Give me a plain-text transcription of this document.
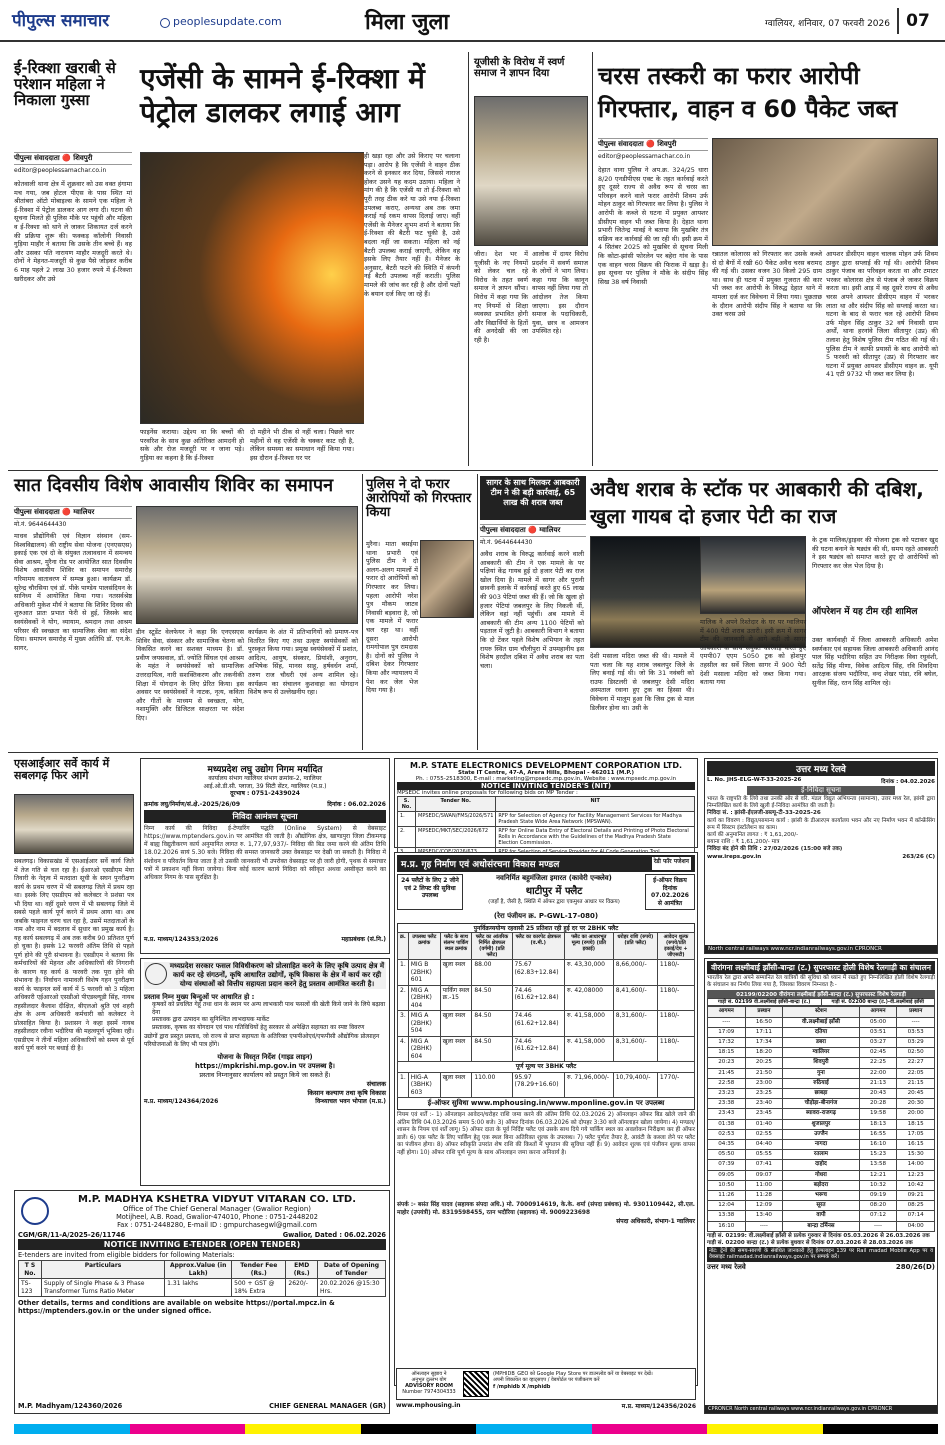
पीपुल्स समाचार	peoplesupdate.com	मिला जुला	ग्वालियर, शनिवार, 07 फरवरी 2026 07
ई-रिक्शा खराबी से परेशान महिला ने निकाला गुस्सा
एजेंसी के सामने ई-रिक्शा में पेट्रोल डालकर लगाई आग
पीपुल्स संवाददाता 🔴 शिवपुरी
editor@peoplessamachar.co.in
कोतवाली थाना क्षेत्र में शुक्रवार को उस वक्त हंगामा मच गया, जब होटल पीएस के पास स्थित मां श्रीतांबरा ऑटो मोबाइल्स के सामने एक महिला ने ई-रिक्शा में पेट्रोल डालकर आग लगा दी। घटना की सूचना मिलते ही पुलिस मौके पर पहुंची और महिला व ई-रिक्शा को थाने ले जाकर शिकायत दर्ज करने की प्रक्रिया शुरू की। फक्कड़ कॉलोनी निवासी गुड़िया माहौर ने बताया कि उसके तीन बच्चे हैं। वह और उसका पति नारायण माहौर मजदूरी करते थे। दोनों ने मेहनत-मजदूरी से कुछ पैसे जोड़कर करीब 6 माह पहले 2 लाख 30 हजार रुपये में ई-रिक्शा खरीदकर और उसे
फाइनेंस कराया। उद्देश्य था कि बच्चों की परवरिश के साथ कुछ अतिरिक्त आमदनी हो सके और रोज मजदूरी पर न जाना पड़े। गुड़िया का कहना है कि ई-रिक्शा
दो महीने भी ठीक से नहीं चला। पिछले चार महीनों से वह एजेंसी के चक्कर काट रही है, लेकिन समस्या का समाधान नहीं किया गया। इस दौरान ई-रिक्शा घर पर
ही खड़ा रहा और उसे किराए पर चलाना पड़ा। आरोप है कि एजेंसी ने वाहन ठीक करने से इनकार कर दिया, जिससे नाराज होकर उसने यह कदम उठाया। महिला ने मांग की है कि एजेंसी या तो ई-रिक्शा को पूरी तरह ठीक करे या उसे नया ई-रिक्शा उपलब्ध कराए, अन्यथा अब तक जमा कराई गई रकम वापस दिलाई जाए। वहीं एजेंसी के मैनेजर शुभम शर्मा ने बताया कि ई-रिक्शा की बैटरी फट चुकी है, उसे बदला नहीं जा सकता। महिला को नई बैटरी उपलब्ध कराई जाएगी, लेकिन वह इसके लिए तैयार नहीं है। मैनेजर के अनुसार, बैटरी फटने की स्थिति में कंपनी नई बैटरी उपलब्ध नहीं कराती। पुलिस मामले की जांच कर रही है और दोनों पक्षों के बयान दर्ज किए जा रहे हैं।
यूजीसी के विरोध में स्वर्ण समाज ने ज्ञापन दिया
जीरा। देश भर में यूजीसी के नए नियमों को लेकर चल रहे विरोध के तहत स्वर्ण समाज ने ज्ञापन सौंपा। विरोध में कहा गया कि नए नियमों से शिक्षा व्यवस्था प्रभावित होगी और विद्यार्थियों के हितों की अनदेखी की जा रही है।
आलोक में दायर विरोध प्रदर्शन में सवर्ण समाज के लोगों ने भाग लिया। कहा गया कि कानून वापस नहीं लिया गया तो आंदोलन तेज किया जाएगा। इस दौरान समाज के पदाधिकारी, युवा, छात्र व आमजन उपस्थित रहे।
चरस तस्करी का फरार आरोपी गिरफ्तार, वाहन व 60 पैकेट जब्त
पीपुल्स संवाददाता 🔴 शिवपुरी
editor@peoplessamachar.co.in
देहात थाना पुलिस ने अप.क्र. 324/25 धारा 8/20 एनडीपीएस एक्ट के तहत कार्रवाई करते हुए दूसरे राज्य से अवैध रूप से चरस का परिवहन करने वाले फरार आरोपी शिवम उर्फ मोहन ठाकुर को गिरफ्तार कर लिया है। पुलिस ने आरोपी के कब्जे से घटना में प्रयुक्त आयशर डीसीएम वाहन भी जब्त किया है। देहात थाना प्रभारी जितेन्द्र मावई ने बताया कि मुखबिर तंत्र सक्रिय कर कार्रवाई की जा रही थी। इसी क्रम में 4 सितंबर 2025 को मुखबिर से सूचना मिली कि कोटा-झांसी फोरलेन पर बहेरा गांव के पास एक वाहन चरस विक्रय की फिराक में खड़ा है। इस सूचना पर पुलिस ने मौके के संदीप सिंह सिख 38 वर्ष निवासी
रन्नातल कोलारस को गिरफ्तार कर उसके कब्जे से दो बैगों में रखी 60 पैकेट अवैध चरस बरामद की गई थी। उसका वजन 30 किलो 295 ग्राम था। साथ ही घटना में प्रयुक्त गुजरात की कार भी जब्त कर आरोपी के विरुद्ध देहात थाने में मामला दर्ज कर विवेचना में लिया गया। पूछताछ के दौरान आरोपी संदीप सिंह ने बताया था कि उक्त चरस उसे
आयशर डीसीएम वाहन चालक मोहन उर्फ शिवम ठाकुर द्वारा सप्लाई की गई थी। आरोपी शिवम ठाकुर पंजाब का परिवहन करता था और टमाटर भरकर कोलारस क्षेत्र से पंजाब ले जाकर विक्रय करता था। इसी आड़ में वह दूसरे राज्य से अवैध चरस अपने आयशर डीसीएम वाहन में भरकर लाता था और संदीप सिंह को सप्लाई करता था। घटना के बाद से फरार चल रहे आरोपी शिवम उर्फ मोहन सिंह ठाकुर 32 वर्ष निवासी ग्राम अर्थों, थाना हरनांवे जिला सीतापुर (उप्र) की तलाश हेतु विशेष पुलिस टीम गठित की गई थी। पुलिस टीम ने काफी प्रयासों के बाद आरोपी को 5 फरवरी को सीतापुर (उप्र) से गिरफ्तार कर घटना में प्रयुक्त आयशर डीसीएम वाहन क्र. यूपी 41 एटी 9732 भी जब्त कर लिया है।
सात दिवसीय विशेष आवासीय शिविर का समापन
पीपुल्स संवाददाता 🔴 ग्वालियर
मो.नं. 9644644430
माधव प्रौद्योगिकी एवं विज्ञान संस्थान (सम-विश्वविद्यालय) की राष्ट्रीय सेवा योजना (एनएसएस) इकाई एक एवं दो के संयुक्त तत्वावधान में समन्वय सेवा आश्रम, मुरैना रोड पर आयोजित सात दिवसीय विशेष आवासीय शिविर का समापन समारोह गरिमामय वातावरण में सम्पन्न हुआ। कार्यक्रम डॉ. सुरेन्द्र चौरसिया एवं डॉ. पीके पाण्डेय पालसंदियन के सानिध्य में आयोजित किया गया। नतसर्वश्रेष्ठ अधिकारी मुकेश मौर्य ने बताया कि शिविर दिवस की शुरुआत प्रातः प्रभात फेरी से हुई, जिसके बाद स्वयंसेवकों ने योग, व्यायाम, श्रमदान तथा आश्रम परिसर की स्वच्छता का सामाजिक सेवा का संदेश दिया। समापन समारोह में मुख्य अतिथि डॉ. एन.के. सागर,
डीन स्टूडेंट वेलफेयर ने कहा कि एनएसएस शिविर सेवा, संस्कार और सामाजिक चेतना को विकसित करने का सशक्त माध्यम है। डॉ. प्रवीण जयसवाल, डॉ. ज्योति सिंघल एवं आश्रम के महंत ने स्वयंसेवकों को सामाजिक उत्तरदायित्व, नारी सशक्तिकरण और तकनीकी शिक्षा में योगदान के लिए प्रेरित किया। इस अवसर पर स्वयंसेवकों ने नाटक, नृत्य, कविता और गीतों के माध्यम से स्वच्छता, योग, नशामुक्ति और डिजिटल साक्षरता पर संदेश दिए।
कार्यक्रम के अंत में प्रतिभागियों को प्रमाण-पत्र वितरित किए गए तथा उत्कृष्ट स्वयंसेवकों को पुरस्कृत किया गया। प्रमुख स्वयंसेवकों में प्रशांत, आदित्य, आयुष, संस्कार, प्रियांशी, अनुराग, अभिषेक सिंह, मानस साहू, हर्षवर्धन शर्मा, तरुण राज चौधरी एवं अन्य शामिल रहे। कार्यक्रम का संचालन कुशवाहा का योगदान विशेष रूप से उल्लेखनीय रहा।
पुलिस ने दो फरार आरोपियों को गिरफ्तार किया
मुरैना। माता बसईया थाना प्रभारी एवं पुलिस टीम ने दो अलग-अलग मामलों में फरार दो आरोपियों को गिरफ्तार कर लिया। पहला आरोपी नरेश पुत्र मौकम जाटव निवासी बड़वारा है, जो एक मामले में फरार चल रहा था। वहीं दूसरा आरोपी रामगोपाल पुत्र रामदास है। दोनों को पुलिस ने दबिश देकर गिरफ्तार किया और न्यायालय में पेश कर जेल भेज दिया गया है।
सागर के साथ मिलकर आबकारी टीम ने की बड़ी कार्रवाई, 65 लाख की शराब जब्त
अवैध शराब के स्टॉक पर आबकारी की दबिश, खुला गायब दो हजार पेटी का राज
पीपुल्स संवाददाता 🔴 ग्वालियर
मो.नं. 9644644430
अवैध शराब के विरुद्ध कार्रवाई करने वाली आबकारी की टीम ने एक मामले के पर पक्षियां केंद्र गायब हुई दो हजार पेटी का राज खोल दिया है। मामले में सागर और पुरानी छावनी इलाके में कार्रवाई करते हुए 65 लाख की 903 पेटियां जब्त की हैं। जो कि खुला हो हजार पेटियां जबलपुर के लिए निकली थीं, लेकिन वहां नहीं पहुंचीं। अब मामले में आबकारी की टीम अन्य 1100 पेटियों को पड़ताल में जुटी है। आबकारी विभाग ने बताया कि दो टेंकर पहले विशेष अभियान के तहत रायरु स्थित ग्राम चौलीपुरा में उपमहानीय इस विशेष हरदौल दबिश में अवैध शराब का पता चला।
देशी मसाला मदिरा जब्त की थी। मामले में पता चला कि यह शराब जबलपुर जिले के लिए बनाई गई थी। जो कि 31 नवंबरी को राउफ डिस्टलरी से जबलपुर देसी मदिरा अस्पताल रवाना हुए ट्रक का हिस्सा थी। विवेचना में मालूम हुआ कि जिस ट्रक से माल डिलीवर होना था। उसी के
मालिक ने अपने रिश्तेदार के घर पर ग्वालियर में 400 पेटी शराब उतारी। इसी क्रम में सागर टीम की जानकारी से आगे बढ़ी तो सागर आबकारी के साथ संयुक्त कार्रवाई करते हुए एमपी07 एएम 5050 ट्रक को होशपुर तहसील का सर्वे जिला सागर में 900 पेटी देशी मसाला मदिरा को जब्त किया गया। बताया गया
के ट्रक मालिक/ड्राइवर की योजना ट्रक को पटाकर खुद की घटना बनाने के षड्यंत्र की थी, समय रहते आबकारी ने इस षड्यंत्र को समाप्त करते हुए दो आरोपियों को गिरफ्तार कर जेल भेज दिया है।
ऑपरेशन में यह टीम रही शामिल
उक्त कार्यवाही में जिला आबकारी अधिकारी अमेश स्वर्णकार एवं सहायक जिला आबकारी अधिकारी आनंद पाल सिंह भदौरिया सहित उप निरीक्षक विवा रघुवंशी, सतेंद्र सिंह मीणा, विवेक आदित्य सिंह, रवि शिवदिया आरक्षक संजय भदौरिया, वन्द शेखर पांडा, रवि बघेल, सुनील सिंह, रतन सिंह शामिल रहे।
एसआईआर सर्वे कार्य में सबलगढ़ फिर आगे
सबलगढ़। विकासखंड में एसआईआर सर्वे कार्य जिले में तेज गति से चल रहा है। ईआरओ एसडीएम मेघा तिवारी के नेतृत्व में मतदाता सूची के सघन पुनरीक्षण कार्य के प्रथम चरण में भी सबलगढ़ जिले में प्रथम रहा था। इसके लिए एसडीएम को कलेक्टर ने प्रशंसा पत्र भी दिया था। वहीं दूसरे चरण में भी सबलगढ़ जिले में सबसे पहले कार्य पूर्ण करने में प्रथम आया था। अब जबकि फाइनल चरण चल रहा है, उसमें मतदाताओं के नाम और नाम में बदलाव में सुधार का प्रमुख कार्य है। यह कार्य सबलगढ़ में अब तक करीब 90 प्रतिशत पूर्ण हो चुका है। इसके 12 फरवरी अंतिम तिथि से पहले पूर्ण होने की पूरी संभावना है। एसडीएम ने बताया कि कर्मचारियों की मेहनत और अधिकारियों की निगरानी के कारण यह कार्य 8 फरवरी तक पूरा होने की संभावना है। निर्वाचन नामावली विशेष गहन पुनरीक्षण कार्य के फाइनल सर्वे कार्य में 5 फरवरी को 3 महिला अधिकारी एईआरओ एसडीओ पीएडब्ल्यूडी सिंह, नायब तहसीलदार कैलाश दीक्षित, बीएलओ श्रुति एवं शहरी क्षेत्र के अन्य अधिकारी कर्मचारी को कलेक्टर ने प्रोत्साहित किया है। प्रशासन ने कहा इसमें नायब तहसीलदार रवीना भदौरिया की महत्वपूर्ण भूमिका रही। एसडीएम ने तीनों महिला अधिकारियों को समय से पूर्व कार्य पूर्ण करने पर बधाई दी है।
मध्यप्रदेश लघु उद्योग निगम मर्यादित
कार्यालय संभाग ग्वालियर संभाग क्रमांक-2, ग्वालियर
आई.ओ.डी.सी. प्लाजा, 39 सिटी सेंटर, ग्वालियर (म.प्र.)
दूरभाष : 0751-2439024
क्रमांक लघु/निर्माण/सं.क्षे.-2025/26/09	दिनांक : 06.02.2026
निविदा आमंत्रण सूचना
निम्न कार्य की निविदा ई-टेण्डरिंग पद्धति (Online System) से वेबसाइट https://www.mptenders.gov.in पर आमंत्रित की जाती है। औद्योगिक क्षेत्र, खाण्डपुरा जिला टीकमगढ़ में बाह्य विद्युतीकरण कार्य अनुमानित लागत रु. 1,77,97,937/- निविदा की बिड जमा करने की अंतिम तिथि 18.02.2026 सायं 5.30 बजे। निविदा की समस्त जानकारी उक्त वेबसाइट पर देखी जा सकती है। निविदा में संशोधन व परिवर्तन किया जाता है तो उसकी जानकारी भी उपरोक्त वेबसाइट पर ही जारी होगी, पृथक से समाचार पत्रों में प्रकाशन नहीं किया जायेगा। बिना कोई कारण बताये निविदा को स्वीकृत अथवा अस्वीकृत करने का अधिकार निगम के पास सुरक्षित है।
म.प्र. माध्यम/124353/2026	महाप्रबंधक (सं.नि.)
M.P. STATE ELECTRONICS DEVELOPMENT CORPORATION LTD.
State IT Centre, 47-A, Arera Hills, Bhopal - 462011 (M.P.)
Ph. : 0755-2518300, E-mail : marketing@mpsedc.mp.gov.in, Website : www.mpsedc.mp.gov.in
NOTICE INVITING TENDER'S (NIT)
MPSEDC invites online proposals for following bids on MP Tender :
S. No.	Tender No.	NIT
1.	MPSEDC/SWAN/FMS/2026/571	RFP for Selection of Agency for Facility Management Services for Madhya Pradesh State Wide Area Network (MPSWAN).
2.	MPSEDC/MKT/SEC/2026/672	RFP for Online Data Entry of Electoral Details and Printing of Photo Electoral Rolls in Accordance with the Guidelines of the Madhya Pradesh State Election Commission.

उत्तर मध्य रेलवे
L. No. JHS-ELG-W-T-33-2025-26	दिनांक : 04.02.2026
ई-निविदा सूचना
भारत के राष्ट्रपति के लिये तथा उनकी ओर से वरि. मंडल विद्युत अभियन्ता (सामान्य), उत्तर मध्य रेल, झांसी द्वारा निम्नलिखित कार्य के लिये खुली ई-निविदा आमंत्रित की जाती है।
निविदा सं. : झांसी-ईएलजी-डब्ल्यू-टी-33-2025-26
कार्य का विवरण : विद्युत/सामान्य कार्य : झांसी के डीआरएम कार्यालय भवन और नए निर्माण भवन में कॉन्फ्रेंसिंग रूम में सिस्टम इंस्टॉलेशन का काम।
कार्य की अनुमानित लागत : ₹ 1,61,200/-
बयाना राशि : ₹ 1,61,200/- मात्र
निविदा बंद होने की तिथि : 27/02/2026 (15:00 बजे तक)
www.ireps.gov.in	263/26 (C)
North central railways www.ncr.indianrailways.gov.in CPRONCR
म.प्र. गृह निर्माण एवं अधोसंरचना विकास मण्डल	रेडी फॉर पजेशन
24 फ्लैटों के लिए 2 जीने एवं 2 लिफ्ट की सुविधा उपलब्ध
नवनिर्मित बहुमंजिला इमारत (कावेरी एन्क्लेव)
थाटीपुर में फ्लैट
(जहाँ है, जैसी है, स्थिति में ऑफर द्वारा एकमुश्त आधार पर विक्रय)
ई-ऑफर विक्रय दिनांक 07.02.2026 से आमंत्रित
(रेरा पंजीयन क्र. P-GWL-17-080)
पुनर्विक्रय्ययोग्य रहवासी 25 प्रतिशत रही हुई दर पर 2BHK फ्लैट
क्र.	उपलब्ध फ्लैट क्रमांक	फ्लैट के साथ संलग्न पार्किंग स्थल क्रमांक	फ्लैट का आंतरिक निर्मित क्षेत्रफल (वर्गमी) (प्रति फ्लैट)	फ्लैट का कारपेट क्षेत्रफल (व.मी.)	फ्लैट का आधारभूत मूल्य (रुपये) (प्रति इकाई)	धरोहर राशि (रुपये) (प्रति फ्लैट)	आवेदन शुल्क (रुपये/प्रति इकाई/देय + जीएसटी)
1.	MIG B (2BHK) 601	खुला स्थल	88.00	75.67 (62.83+12.84)	रु. 43,30,000	8,66,000/-	1180/-
2.	MIG A (2BHK) 404	पार्किंग स्थल क्र.-15	84.50	74.46 (61.62+12.84)	रु. 42,08000	8,41,600/-	1180/-
3.	MIG A (2BHK) 504	खुला स्थल	84.50	74.46 (61.62+12.84)	रु. 41,58,000	8,31,600/-	1180/-
4.	MIG A (2BHK) 604	खुला स्थल	84.50	74.46 (61.62+12.84)	रु. 41,58,000	8,31,600/-	1180/-
पूर्ण मूल्य पर 3BHK फ्लैट							
1.	HIG-A (3BHK) 603	खुला स्थल	110.00	95.97 (78.29+16.60)	रु. 71,96,000/-	10,79,400/-	1770/-
ई-ऑफर सुविधा www.mphousing.in/www.mponline.gov.in पर उपलब्ध
नियम एवं शर्तें :- 1) ऑनलाइन आवेदन/धरोहर राशि जमा करने की अंतिम तिथि 02.03.2026 2) ऑनलाइन ऑफर बिड खोले जाने की अंतिम तिथि 04.03.2026 समय 5:00 बजे। 3) ऑफर दिनांक 06.03.2026 को दोपहर 3:30 बजे ऑनलाइन खोला जायेगा। 4) मण्डल/शासन के नियम एवं शर्तें लागू। 5) ऑफर दाता के पूर्व निर्दिष्ट फ्लैट एवं उसके साथ दिये गये पार्किंग स्थल का अवलोकन निरीक्षण कर ही ऑफर डालें। 6) एक फ्लैट के लिए पार्किंग हेतु एक स्थल बिना अतिरिक्त शुल्क के उपलब्ध। 7) फ्लैट पूर्णतः तैयार है, आवंटी के कब्जा लेने पर फ्लैट का पंजीयन होगा। 8) ऑफर स्वीकृति उपरांत शेष राशि की किश्तों में भुगतान की सुविधा नहीं है। 9) आवेदन शुल्क एवं पंजीयन शुल्क वापस नहीं होगा। 10) ऑफर राशि पूर्ण मूल्य के साथ ऑनलाइन जमा करना अनिवार्य है।
संपर्क :- बसंत सिंह यादव (सहायक संपदा अधि.) मो. 7000914619, के.के. शर्मा (संपदा प्रबंधक) मो. 9301109442, सी.एल. माहोर (उपयंत्री) मो. 8319598455, रतन भदौरिया (सहायक) मो. 9009223698
संपदा अधिकारी, संभाग-1 ग्वालियर
ऑनलाइन सुझाव ने
अनुभूत दुल्लभ योग
ADVISORY ROOM
Number 7974304333
(MPHIDB_GEO को Google Play Store पर डाउनलोड करें या वेबसाइट पर देखें।
अपनी शिकायत का व्हाट्सएप / वेबपोर्टल पर पंजीकरण करें
f /mphidb X /mphidb
www.mphousing.in	म.प्र. माध्यम/124356/2026
मध्यप्रदेश सरकार फसल विविधीकरण को प्रोत्साहित करने के लिए कृषि उत्पाद क्षेत्र में कार्य कर रहे संगठनों, कृषि आधारित उद्योगों, कृषि विकास के क्षेत्र में कार्य कर रही योग्य संस्थाओं को वित्तीय सहायता प्रदान करने हेतु प्रस्ताव आमंत्रित करती है।
प्रस्ताव निम्न मुख्य बिन्दुओं पर आधारित हो :
कृषकों को प्रचलित गेहूं तथा धान के स्थान पर अन्य लाभकारी पाथ फसलों की खेती किये जाने के लिये बढ़ावा देना
प्रस्तावक द्वारा उत्पादन का सुनिश्चित लाभदायक मार्केट
प्रस्तावक, कृषक का योगदान एवं पाथ गतिविधियों हेतु सरकार से अपेक्षित सहायता का स्पष्ट विवरण
उद्योगों द्वारा प्रस्तुत प्रस्ताव, जो राज्य से प्राप्त सहायता के अतिरिक्त एफपीओएवं/एफपीसी औद्योगिक प्रोत्साहन परियोजनाओं के लिए भी पात्र होंगे।
योजना के विस्तृत निर्देश (गाइड लाइन)
https://mpkrishi.mp.gov.in पर उपलब्ध है।
प्रस्ताव निम्नानुसार कार्यालय को प्रस्तुत किये जा सकते हैं।
संचालक
किसान कल्याण तथा कृषि विकास
म.प्र. माध्यम/124364/2026	विन्ध्याचल भवन भोपाल (म.प्र.)
M.P. MADHYA KSHETRA VIDYUT VITARAN CO. LTD.
Office of The Chief General Manager (Gwalior Region)
Motijheel, A.B. Road, Gwalior-474010, Phone : 0751-2448202
Fax : 0751-2448280, E-mail ID : gmpurchasegwl@gmail.com
CGM/GR/11-A/2025-26/11746	Gwalior, Dated : 06.02.2026
NOTICE INVITING E-TENDER (OPEN TENDER)
E-tenders are invited from eligible bidders for following Materials:
T S No.	Particulars	Approx.Value (in Lakh)	Tender Fee (Rs.)	EMD (Rs.)	Date of Opening of Tender
TS-123	Supply of Single Phase & 3 Phase Transformer Turns Ratio Meter	1.31 lakhs	500 + GST @ 18% Extra	2620/-	20.02.2026 @15:30 Hrs.
Other details, terms and conditions are available on website https://portal.mpcz.in & https://mptenders.gov.in or the under signed office.
M.P. Madhyam/124360/2026	CHIEF GENERAL MANAGER (GR)
वीरांगना लक्ष्मीबाई झाँसी-बान्द्रा (ट.) सुपरफास्ट होली विशेष रेलगाड़ी का संचालन
भारतीय रेल द्वारा अपने सम्मानित रेल यात्रियों की सुविधा को ध्यान में रखते हुए निम्नलिखित होली विशेष रेलगाड़ी के संचालन का निर्णय लिया गया है, जिसका विवरण निम्नवत है:-
02199/02200 वीरांगना लक्ष्मीबाई झाँसी-बान्द्रा (ट.) सुपरफास्ट विशेष रेलगाड़ी
गाड़ी सं. 02199 वी.लक्ष्मीबाई झाँसी-बान्द्रा (ट.)	गाड़ी सं. 02200 बान्द्रा (ट.)-वी.लक्ष्मीबाई झाँसी
आगमन	प्रस्थान	स्टेशन	आगमन	प्रस्थान
----	16:50	वी.लक्ष्मीबाई झाँसी	05:00	----
17:09	17:11	दतिया	03:51	03:53
17:32	17:34	डबरा	03:27	03:29
18:15	18:20	ग्वालियर	02:45	02:50
20:23	20:25	शिवपुरी	22:25	22:27
21:45	21:50	गुना	22:00	22:05
22:58	23:00	रुठियाई	21:13	21:15
23:23	23:25	छाबड़ा	20:43	20:45
23:38	23:40	चौड़ोड़ा-बीनागंज	20:28	20:30
23:43	23:45	ब्यावरा-राजगढ़	19:58	20:00
01:38	01:40	शुजालपुर	18:13	18:15
02:53	02:55	उज्जैन	16:55	17:05
04:35	04:40	नागदा	16:10	16:15
05:50	05:55	रतलाम	15:23	15:30
07:39	07:41	दाहोद	13:58	14:00
09:05	09:07	गोधरा	12:21	12:23
10:50	11:00	बड़ोदरा	10:32	10:42
11:26	11:28	भरूच	09:19	09:21
12:04	12:09	सूरत	08:20	08:25
13:38	13:40	वापी	07:12	07:14
16:10	----	बान्द्रा टर्मिनस	----	04:00
गाड़ी सं. 02199: वी.लक्ष्मीबाई झाँसी से प्रत्येक गुरुवार से दिनांक 05.03.2026 से 26.03.2026 तक
गाड़ी सं. 02200 बान्द्रा (ट.) से प्रत्येक बुधवार से दिनांक 07.03.2026 से 28.03.2026 तक
नोट: ट्रेनों की समय-सारणी के संबंधित जानकारी हेतु हेल्पलाइन 139 पर Rail madad Mobile App पर व वेबसाइट railmadad.indianrailways.gov.in पर सम्पर्क करें।
उत्तर मध्य रेलवे	280/26(D)
CPRONCR North central railways www.ncr.indianrailways.gov.in CPRONCR
